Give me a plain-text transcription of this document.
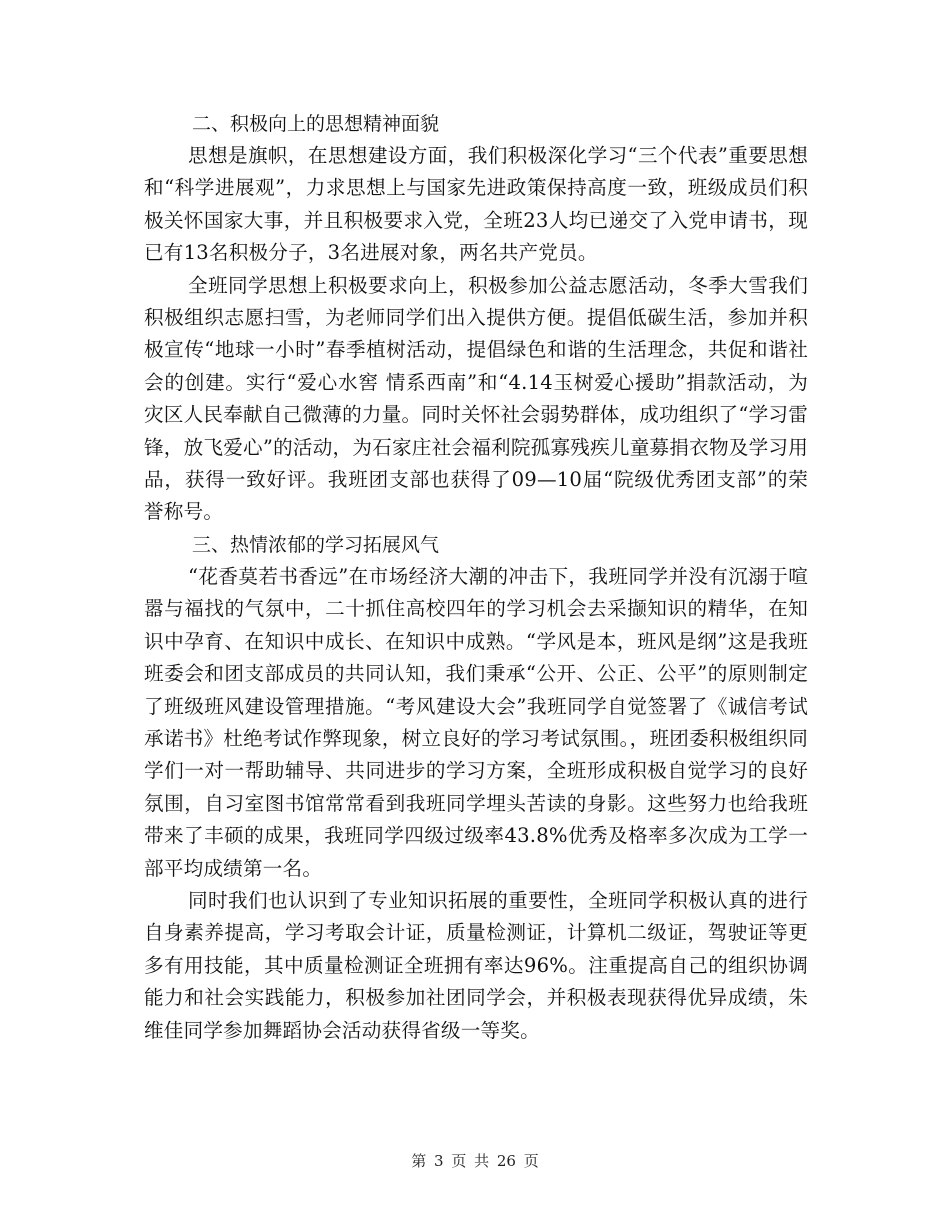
二、积极向上的思想精神面貌

思想是旗帜，在思想建设方面，我们积极深化学习“三个代表”重要思想和“科学进展观”，力求思想上与国家先进政策保持高度一致，班级成员们积极关怀国家大事，并且积极要求入党，全班23人均已递交了入党申请书，现已有13名积极分子，3名进展对象，两名共产党员。

全班同学思想上积极要求向上，积极参加公益志愿活动，冬季大雪我们积极组织志愿扫雪，为老师同学们出入提供方便。提倡低碳生活，参加并积极宣传“地球一小时”春季植树活动，提倡绿色和谐的生活理念，共促和谐社会的创建。实行“爱心水窖 情系西南”和“4.14玉树爱心援助”捐款活动，为灾区人民奉献自己微薄的力量。同时关怀社会弱势群体，成功组织了“学习雷锋，放飞爱心”的活动，为石家庄社会福利院孤寡残疾儿童募捐衣物及学习用品，获得一致好评。我班团支部也获得了09—10届“院级优秀团支部”的荣誉称号。

三、热情浓郁的学习拓展风气

“花香莫若书香远”在市场经济大潮的冲击下，我班同学并没有沉溺于喧嚣与福找的气氛中，二十抓住高校四年的学习机会去采撷知识的精华，在知识中孕育、在知识中成长、在知识中成熟。“学风是本，班风是纲”这是我班班委会和团支部成员的共同认知，我们秉承“公开、公正、公平”的原则制定了班级班风建设管理措施。“考风建设大会”我班同学自觉签署了《诚信考试承诺书》杜绝考试作弊现象，树立良好的学习考试氛围。，班团委积极组织同学们一对一帮助辅导、共同进步的学习方案，全班形成积极自觉学习的良好氛围，自习室图书馆常常看到我班同学埋头苦读的身影。这些努力也给我班带来了丰硕的成果，我班同学四级过级率43.8%优秀及格率多次成为工学一部平均成绩第一名。

同时我们也认识到了专业知识拓展的重要性，全班同学积极认真的进行自身素养提高，学习考取会计证，质量检测证，计算机二级证，驾驶证等更多有用技能，其中质量检测证全班拥有率达96%。注重提高自己的组织协调能力和社会实践能力，积极参加社团同学会，并积极表现获得优异成绩，朱维佳同学参加舞蹈协会活动获得省级一等奖。

第 3 页 共 26 页
